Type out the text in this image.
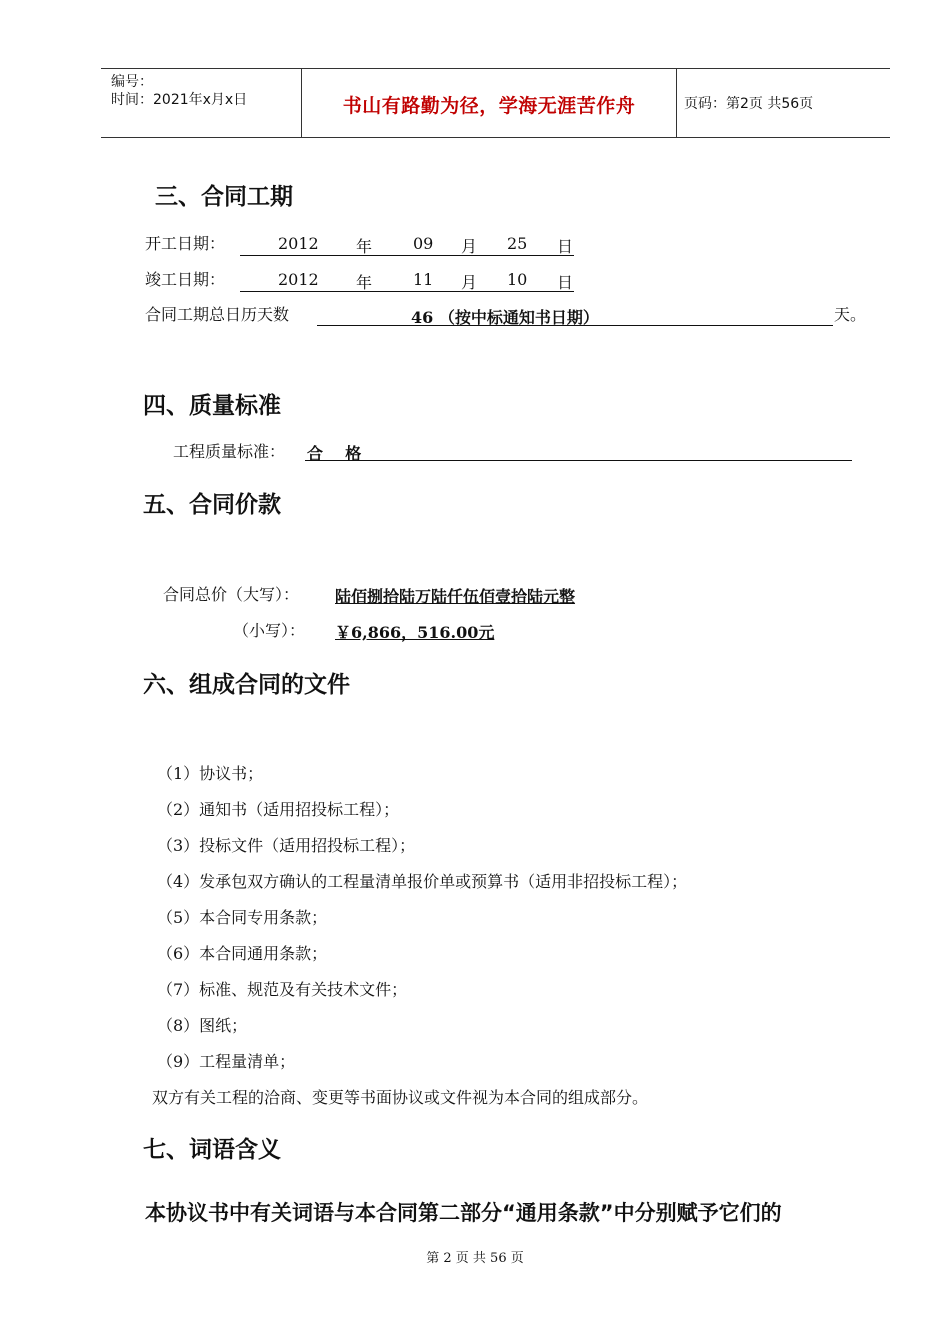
编号：
时间：2021年x月x日	书山有路勤为径，学海无涯苦作舟	页码：第2页 共56页
三、合同工期
开工日期：	2012 年	09 月 25 日
竣工日期：	2012 年	11 月 10 日
合同工期总日历天数	46 （按中标通知书日期）	天。
四、质量标准
工程质量标准： 合    格
五、合同价款
合同总价（大写）： 陆佰捌拾陆万陆仟伍佰壹拾陆元整
（小写）： ￥6,866，516.00元
六、组成合同的文件
（1）协议书；
（2）通知书（适用招投标工程）；
（3）投标文件（适用招投标工程）；
（4）发承包双方确认的工程量清单报价单或预算书（适用非招投标工程）；
（5）本合同专用条款；
（6）本合同通用条款；
（7）标准、规范及有关技术文件；
（8）图纸；
（9）工程量清单；
双方有关工程的洽商、变更等书面协议或文件视为本合同的组成部分。
七、词语含义
本协议书中有关词语与本合同第二部分“通用条款”中分别赋予它们的
第 2 页 共 56 页
